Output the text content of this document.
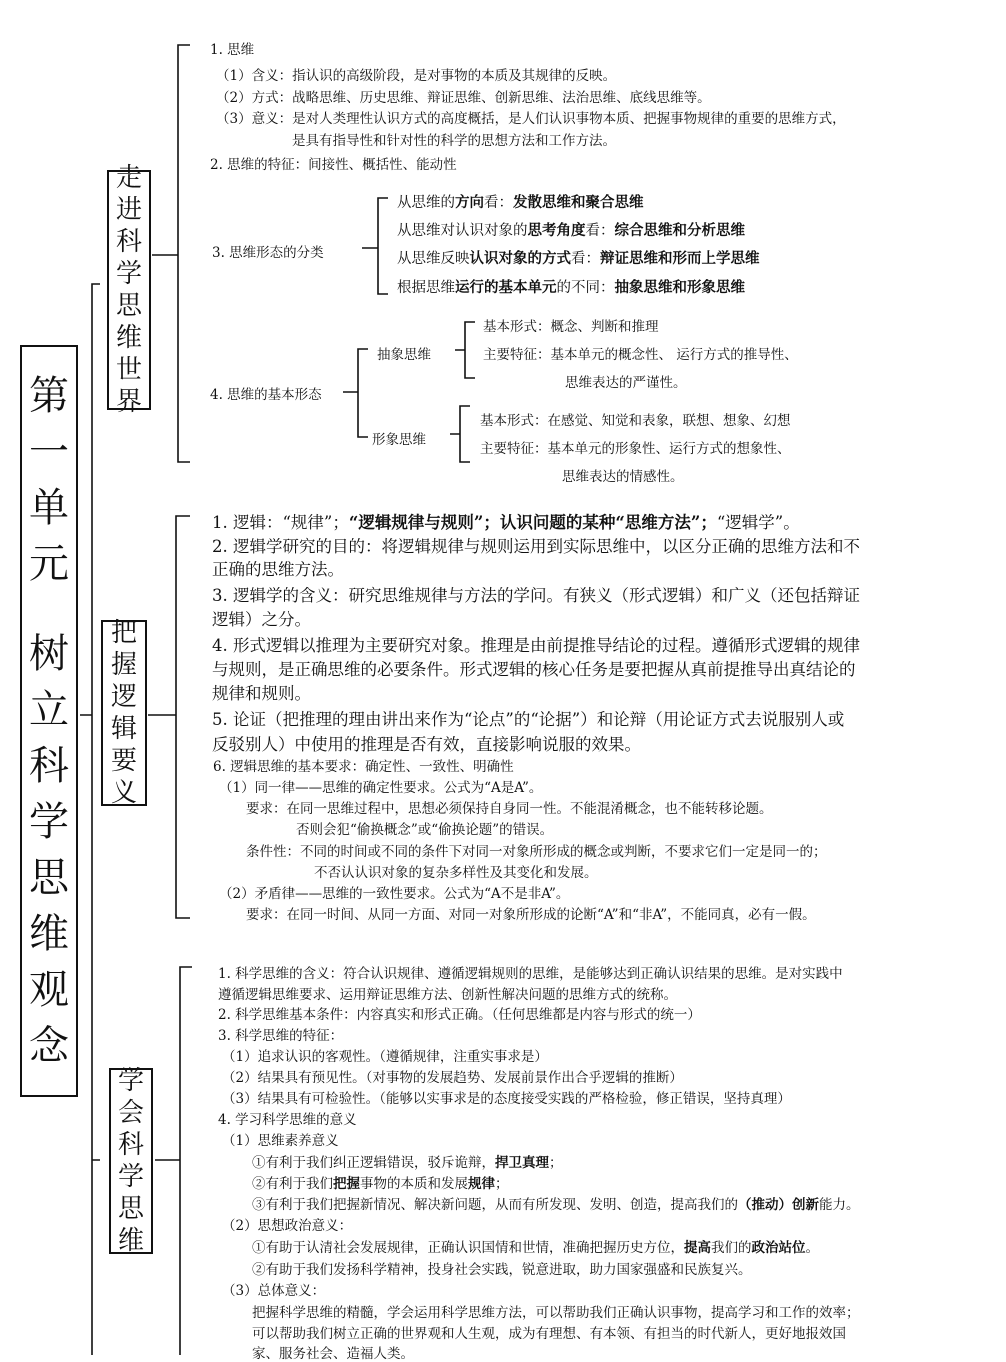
第
一
单
元
树
立
科
学
思
维
观
念
走
进
科
学
思
维
世
界
把
握
逻
辑
要
义
学
会
科
学
思
维
1. 思维
（1）含义：指认识的高级阶段，是对事物的本质及其规律的反映。
（2）方式：战略思维、历史思维、辩证思维、创新思维、法治思维、底线思维等。
（3）意义：是对人类理性认识方式的高度概括，是人们认识事物本质、把握事物规律的重要的思维方式，
是具有指导性和针对性的科学的思想方法和工作方法。
2. 思维的特征：间接性、概括性、能动性
3. 思维形态的分类
从思维的方向看：发散思维和聚合思维
从思维对认识对象的思考角度看：综合思维和分析思维
从思维反映认识对象的方式看：辩证思维和形而上学思维
根据思维运行的基本单元的不同：抽象思维和形象思维
4. 思维的基本形态
抽象思维
基本形式：概念、判断和推理
主要特征：基本单元的概念性、 运行方式的推导性、
思维表达的严谨性。
形象思维
基本形式：在感觉、知觉和表象，联想、想象、幻想
主要特征：基本单元的形象性、运行方式的想象性、
思维表达的情感性。
1. 逻辑：“规律”；“逻辑规律与规则”；认识问题的某种“思维方法”；“逻辑学”。
2. 逻辑学研究的目的：将逻辑规律与规则运用到实际思维中，以区分正确的思维方法和不
正确的思维方法。
3. 逻辑学的含义：研究思维规律与方法的学问。有狭义（形式逻辑）和广义（还包括辩证
逻辑）之分。
4. 形式逻辑以推理为主要研究对象。推理是由前提推导结论的过程。遵循形式逻辑的规律
与规则，是正确思维的必要条件。形式逻辑的核心任务是要把握从真前提推导出真结论的
规律和规则。
5. 论证（把推理的理由讲出来作为“论点”的“论据”）和论辩（用论证方式去说服别人或
反驳别人）中使用的推理是否有效，直接影响说服的效果。
6. 逻辑思维的基本要求：确定性、一致性、明确性
（1）同一律——思维的确定性要求。公式为“A是A”。
要求：在同一思维过程中，思想必须保持自身同一性。不能混淆概念，也不能转移论题。
否则会犯“偷换概念”或“偷换论题”的错误。
条件性：不同的时间或不同的条件下对同一对象所形成的概念或判断，不要求它们一定是同一的；
不否认认识对象的复杂多样性及其变化和发展。
（2）矛盾律——思维的一致性要求。公式为“A不是非A”。
要求：在同一时间、从同一方面、对同一对象所形成的论断“A”和“非A”，不能同真，必有一假。
1. 科学思维的含义：符合认识规律、遵循逻辑规则的思维，是能够达到正确认识结果的思维。是对实践中
遵循逻辑思维要求、运用辩证思维方法、创新性解决问题的思维方式的统称。
2. 科学思维基本条件：内容真实和形式正确。（任何思维都是内容与形式的统一）
3. 科学思维的特征：
（1）追求认识的客观性。（遵循规律，注重实事求是）
（2）结果具有预见性。（对事物的发展趋势、发展前景作出合乎逻辑的推断）
（3）结果具有可检验性。（能够以实事求是的态度接受实践的严格检验，修正错误，坚持真理）
4. 学习科学思维的意义
（1）思维素养意义
①有利于我们纠正逻辑错误，驳斥诡辩，捍卫真理；
②有利于我们把握事物的本质和发展规律；
③有利于我们把握新情况、解决新问题，从而有所发现、发明、创造，提高我们的（推动）创新能力。
（2）思想政治意义：
①有助于认清社会发展规律，正确认识国情和世情，准确把握历史方位，提高我们的政治站位。
②有助于我们发扬科学精神，投身社会实践，锐意进取，助力国家强盛和民族复兴。
（3）总体意义：
把握科学思维的精髓，学会运用科学思维方法，可以帮助我们正确认识事物，提高学习和工作的效率；
可以帮助我们树立正确的世界观和人生观，成为有理想、有本领、有担当的时代新人，更好地报效国
家、服务社会、造福人类。
